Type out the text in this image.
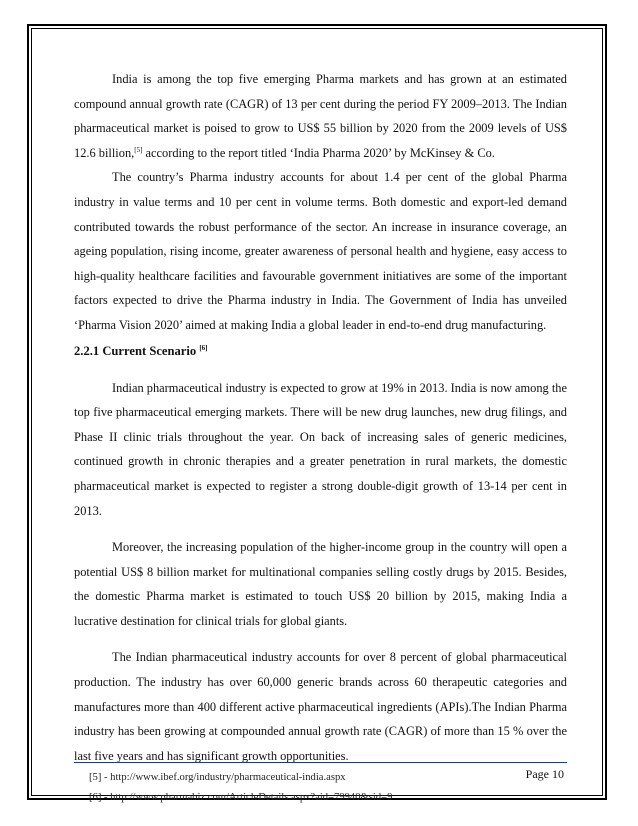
India is among the top five emerging Pharma markets and has grown at an estimated compound annual growth rate (CAGR) of 13 per cent during the period FY 2009–2013. The Indian pharmaceutical market is poised to grow to US$ 55 billion by 2020 from the 2009 levels of US$ 12.6 billion,[5] according to the report titled ‘India Pharma 2020’ by McKinsey & Co.

The country’s Pharma industry accounts for about 1.4 per cent of the global Pharma industry in value terms and 10 per cent in volume terms. Both domestic and export-led demand contributed towards the robust performance of the sector. An increase in insurance coverage, an ageing population, rising income, greater awareness of personal health and hygiene, easy access to high-quality healthcare facilities and favourable government initiatives are some of the important factors expected to drive the Pharma industry in India. The Government of India has unveiled ‘Pharma Vision 2020’ aimed at making India a global leader in end-to-end drug manufacturing.

2.2.1 Current Scenario [6]

Indian pharmaceutical industry is expected to grow at 19% in 2013. India is now among the top five pharmaceutical emerging markets. There will be new drug launches, new drug filings, and Phase II clinic trials throughout the year. On back of increasing sales of generic medicines, continued growth in chronic therapies and a greater penetration in rural markets, the domestic pharmaceutical market is expected to register a strong double-digit growth of 13-14 per cent in 2013.

Moreover, the increasing population of the higher-income group in the country will open a potential US$ 8 billion market for multinational companies selling costly drugs by 2015. Besides, the domestic Pharma market is estimated to touch US$ 20 billion by 2015, making India a lucrative destination for clinical trials for global giants.

The Indian pharmaceutical industry accounts for over 8 percent of global pharmaceutical production. The industry has over 60,000 generic brands across 60 therapeutic categories and manufactures more than 400 different active pharmaceutical ingredients (APIs).The Indian Pharma industry has been growing at compounded annual growth rate (CAGR) of more than 15 % over the last five years and has significant growth opportunities.

[5] - http://www.ibef.org/industry/pharmaceutical-india.aspx
[6] - http://www.pharmabiz.com/ArticleDetails.aspx?aid=79940&sid=9
Page 10
